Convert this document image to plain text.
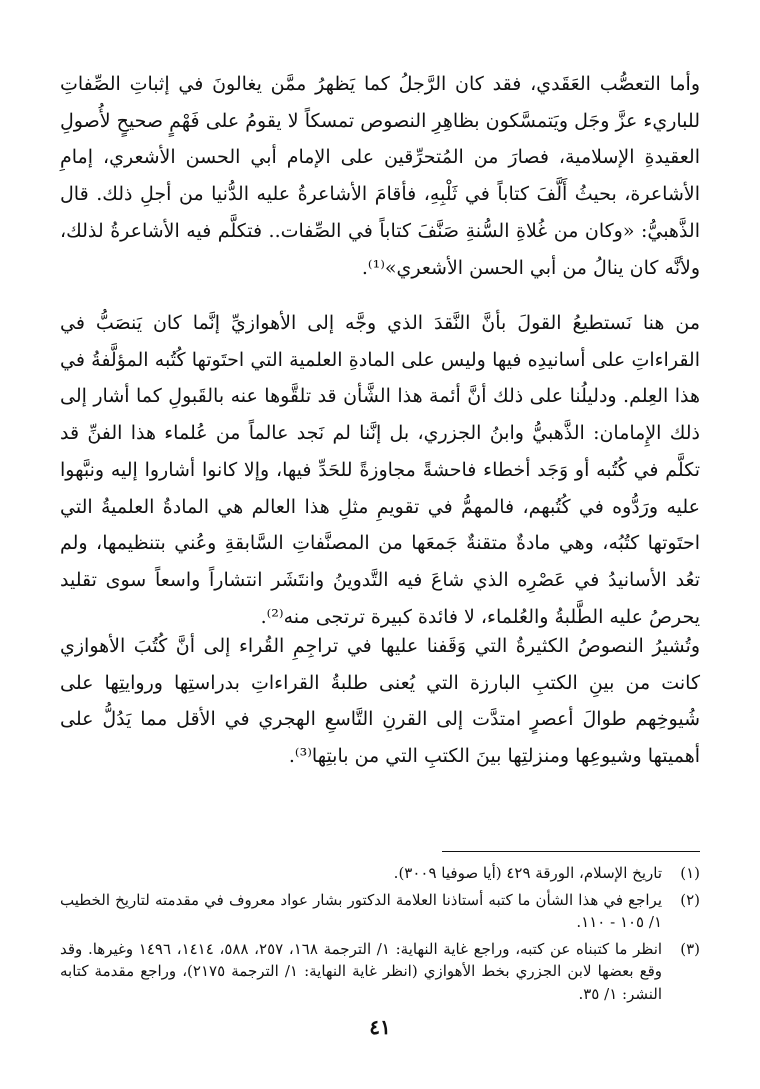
وأما التعصُّب العَقَدي، فقد كان الرَّجلُ كما يَظهرُ ممَّن يغالونَ في إثباتِ الصِّفاتِ للباريء عزَّ وجَل ويَتمسَّكون بظاهِرِ النصوص تمسكاً لا يقومُ على فَهْمٍ صحيحٍ لأُصولِ العقيدةِ الإسلامية، فصارَ من المُتحرِّقين على الإمام أبي الحسن الأشعري، إمامِ الأشاعرة، بحيثُ أَلَّفَ كتاباً في ثَلْبِهِ، فأقامَ الأشاعرةُ عليه الدُّنيا من أجلِ ذلك. قال الذَّهبيُّ: «وكان من غُلاةِ السُّنةِ صَنَّفَ كتاباً في الصِّفات.. فتكلَّم فيه الأشاعرةُ لذلك، ولأنَّه كان ينالُ من أبي الحسن الأشعري»⁽¹⁾.

من هنا نَستطيعُ القولَ بأنَّ النَّقدَ الذي وجَّه إلى الأهوازيِّ إنَّما كان يَنصَبُّ في القراءاتِ على أسانيدِه فيها وليس على المادةِ العلمية التي احتَوتها كُتُبه المؤلَّفةُ في هذا العِلم. ودليلُنا على ذلك أنَّ أئمة هذا الشَّأن قد تلقَّوها عنه بالقَبولِ كما أشار إلى ذلك الإِمامان: الذَّهبيُّ وابنُ الجزري، بل إنَّنا لم نَجد عالماً من عُلماء هذا الفنِّ قد تكلَّم في كُتُبه أو وَجَد أخطاء فاحشةً مجاوزةً للحَدِّ فيها، وإلا كانوا أشاروا إليه ونبَّهوا عليه ورَدُّوه في كُتُبهم، فالمهمُّ في تقويمِ مثلِ هذا العالم هي المادةُ العلميةُ التي احتَوتها كتُبُه، وهي مادةٌ متقنةٌ جَمعَها من المصنَّفاتِ السَّابقةِ وعُني بتنظيمها، ولم تعُد الأسانيدُ في عَصْرِه الذي شاعَ فيه التَّدوينُ وانتَشَر انتشاراً واسعاً سوى تقليد يحرصُ عليه الطَّلبةُ والعُلماء، لا فائدة كبيرة ترتجى منه⁽²⁾.

وتُشيرُ النصوصُ الكثيرةُ التي وَقَفنا عليها في تراجِمِ القُراء إلى أنَّ كُتُبَ الأهوازي كانت من بينِ الكتبِ البارزة التي يُعنى طلبةُ القراءاتِ بدراستِها وروايتِها على شُيوخِهم طوالَ أعصرٍ امتدَّت إلى القرنِ التَّاسعِ الهجري في الأقل مما يَدُلُّ على أهميتها وشيوعِها ومنزلتِها بينَ الكتبِ التي من بابتِها⁽³⁾.

(١)
تاريخ الإسلام، الورقة ٤٢٩ (أيا صوفيا ٣٠٠٩).
(٢)
يراجع في هذا الشأن ما كتبه أستاذنا العلامة الدكتور بشار عواد معروف في مقدمته لتاريخ الخطيب ١/ ١٠٥ - ١١٠.
(٣)
انظر ما كتبناه عن كتبه، وراجع غاية النهاية: ١/ الترجمة ١٦٨، ٢٥٧، ٥٨٨، ١٤١٤، ١٤٩٦ وغيرها. وقد وقع بعضها لابن الجزري بخط الأهوازي (انظر غاية النهاية: ١/ الترجمة ٢١٧٥)، وراجع مقدمة كتابه النشر: ١/ ٣٥.
٤١
